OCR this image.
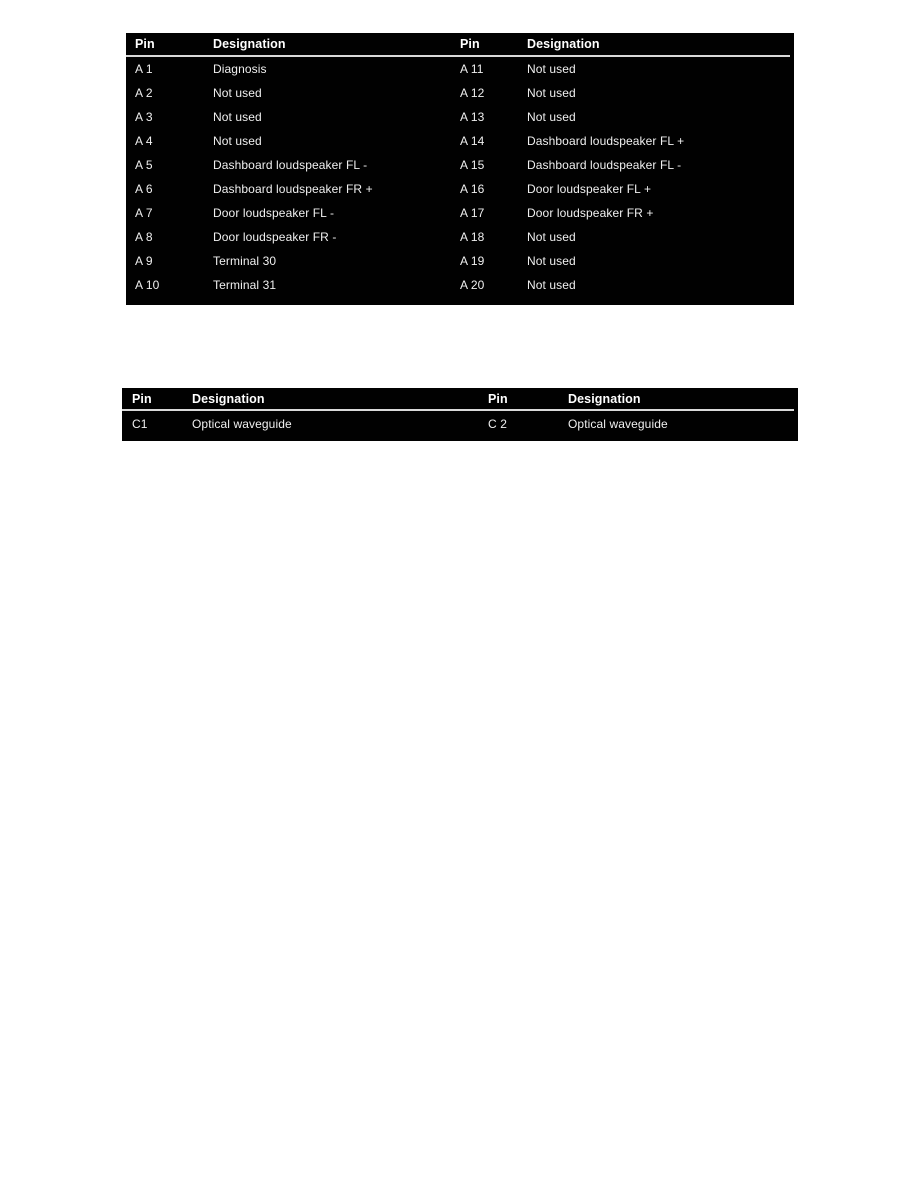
Pin	Designation	Pin	Designation
A 1	Diagnosis	A 11	Not used
A 2	Not used	A 12	Not used
A 3	Not used	A 13	Not used
A 4	Not used	A 14	Dashboard loudspeaker FL +
A 5	Dashboard loudspeaker FL -	A 15	Dashboard loudspeaker FL -
A 6	Dashboard loudspeaker FR +	A 16	Door loudspeaker FL +
A 7	Door loudspeaker FL -	A 17	Door loudspeaker FR +
A 8	Door loudspeaker FR -	A 18	Not used
A 9	Terminal 30	A 19	Not used
A 10	Terminal 31	A 20	Not used
Pin	Designation	Pin	Designation
C1	Optical waveguide	C 2	Optical waveguide
